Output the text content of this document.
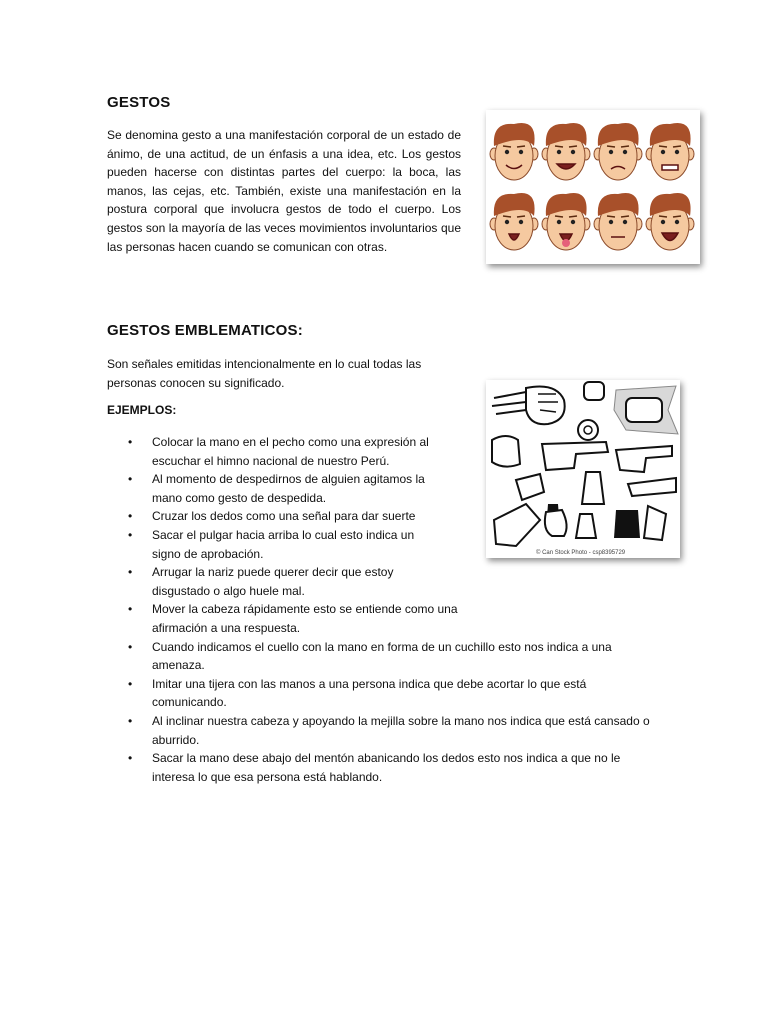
GESTOS
Se denomina gesto a una manifestación corporal de un estado de ánimo, de una actitud, de un énfasis a una idea, etc. Los gestos pueden hacerse con distintas partes del cuerpo: la boca, las manos, las cejas, etc. También, existe una manifestación en la postura corporal que involucra gestos de todo el cuerpo. Los gestos son la mayoría de las veces movimientos involuntarios que las personas hacen cuando se comunican con otras.
GESTOS EMBLEMATICOS:
Son señales emitidas intencionalmente en lo cual todas las personas conocen su significado.
EJEMPLOS:
• Colocar la mano en el pecho como una expresión al escuchar el himno nacional de nuestro Perú.
• Al momento de despedirnos de alguien agitamos la mano como gesto de despedida.
• Cruzar los dedos como una señal para dar suerte
• Sacar el pulgar hacia arriba lo cual esto indica un signo de aprobación.
• Arrugar la nariz puede querer decir que estoy disgustado o algo huele mal.
• Mover la cabeza rápidamente esto se entiende como una afirmación a una respuesta.
• Cuando indicamos el cuello con la mano en forma de un cuchillo esto nos indica a una amenaza.
• Imitar una tijera con las manos a una persona indica que debe acortar lo que está comunicando.
• Al inclinar nuestra cabeza y apoyando la mejilla sobre la mano nos indica que está cansado o aburrido.
• Sacar la mano dese abajo del mentón abanicando los dedos esto nos indica a que no le interesa lo que esa persona está hablando.
© Can Stock Photo - csp8395729
